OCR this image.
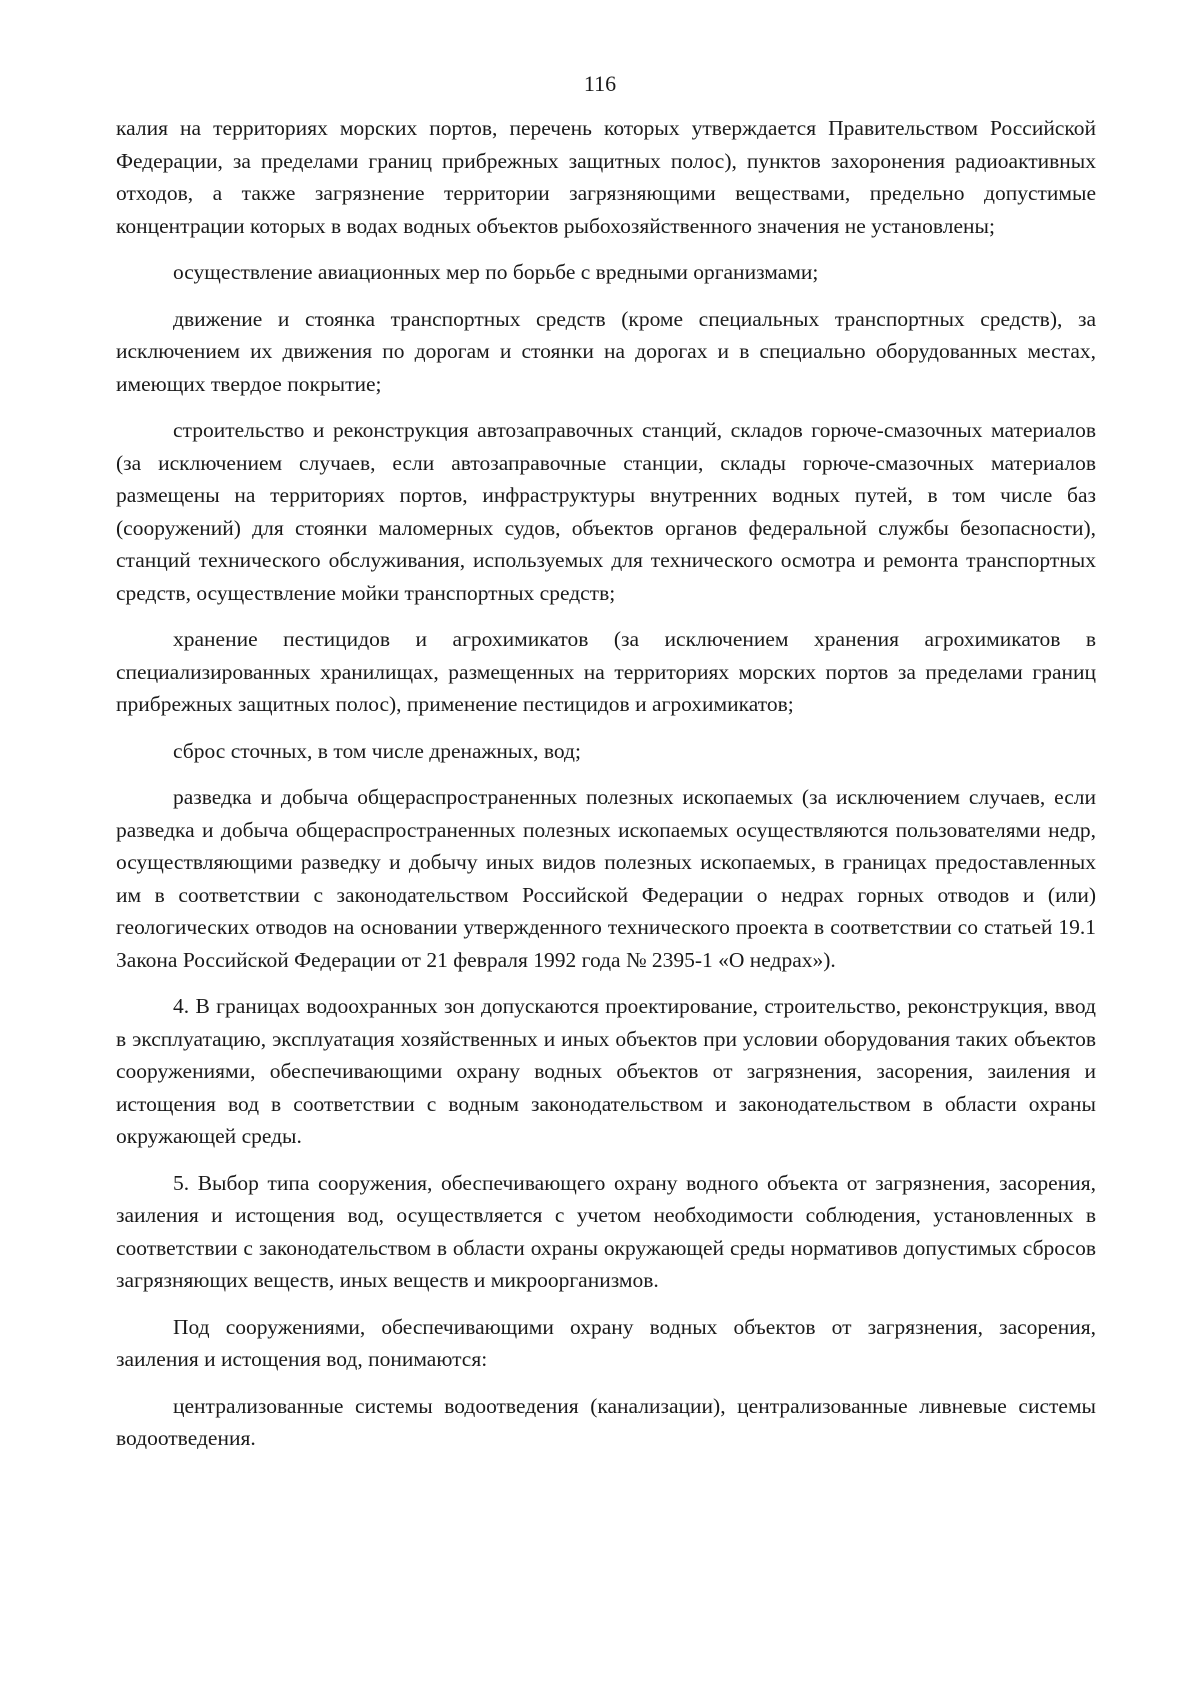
116

калия на территориях морских портов, перечень которых утверждается Правительством Российской Федерации, за пределами границ прибрежных защитных полос), пунктов захоронения радиоактивных отходов, а также загрязнение территории загрязняющими веществами, предельно допустимые концентрации которых в водах водных объектов рыбохозяйственного значения не установлены;

осуществление авиационных мер по борьбе с вредными организмами;

движение и стоянка транспортных средств (кроме специальных транспортных средств), за исключением их движения по дорогам и стоянки на дорогах и в специально оборудованных местах, имеющих твердое покрытие;

строительство и реконструкция автозаправочных станций, складов горюче-смазочных материалов (за исключением случаев, если автозаправочные станции, склады горюче-смазочных материалов размещены на территориях портов, инфраструктуры внутренних водных путей, в том числе баз (сооружений) для стоянки маломерных судов, объектов органов федеральной службы безопасности), станций технического обслуживания, используемых для технического осмотра и ремонта транспортных средств, осуществление мойки транспортных средств;

хранение пестицидов и агрохимикатов (за исключением хранения агрохимикатов в специализированных хранилищах, размещенных на территориях морских портов за пределами границ прибрежных защитных полос), применение пестицидов и агрохимикатов;

сброс сточных, в том числе дренажных, вод;

разведка и добыча общераспространенных полезных ископаемых (за исключением случаев, если разведка и добыча общераспространенных полезных ископаемых осуществляются пользователями недр, осуществляющими разведку и добычу иных видов полезных ископаемых, в границах предоставленных им в соответствии с законодательством Российской Федерации о недрах горных отводов и (или) геологических отводов на основании утвержденного технического проекта в соответствии со статьей 19.1 Закона Российской Федерации от 21 февраля 1992 года № 2395-1 «О недрах»).

4. В границах водоохранных зон допускаются проектирование, строительство, реконструкция, ввод в эксплуатацию, эксплуатация хозяйственных и иных объектов при условии оборудования таких объектов сооружениями, обеспечивающими охрану водных объектов от загрязнения, засорения, заиления и истощения вод в соответствии с водным законодательством и законодательством в области охраны окружающей среды.

5. Выбор типа сооружения, обеспечивающего охрану водного объекта от загрязнения, засорения, заиления и истощения вод, осуществляется с учетом необходимости соблюдения, установленных в соответствии с законодательством в области охраны окружающей среды нормативов допустимых сбросов загрязняющих веществ, иных веществ и микроорганизмов.

Под сооружениями, обеспечивающими охрану водных объектов от загрязнения, засорения, заиления и истощения вод, понимаются:

централизованные системы водоотведения (канализации), централизованные ливневые системы водоотведения.
